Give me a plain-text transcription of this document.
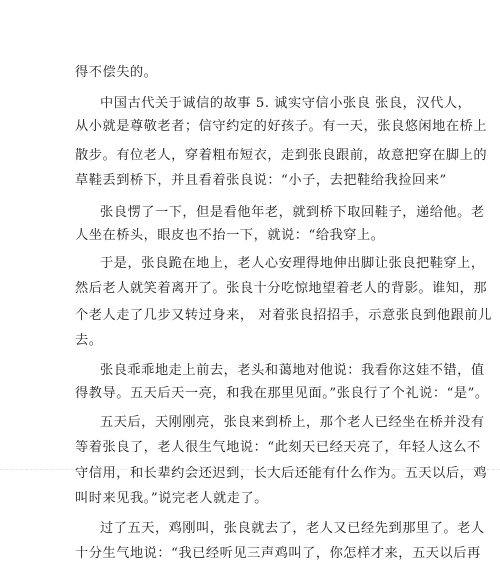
得不偿失的。
中国古代关于诚信的故事 5. 诚实守信小张良 张良，汉代人，
从小就是尊敬老者；信守约定的好孩子。有一天，张良悠闲地在桥上
散步。有位老人，穿着粗布短衣，走到张良跟前，故意把穿在脚上的
草鞋丢到桥下，并且看着张良说：“小子，去把鞋给我捡回来”
张良愣了一下，但是看他年老，就到桥下取回鞋子，递给他。老
人坐在桥头，眼皮也不抬一下，就说：“给我穿上。
于是，张良跪在地上，老人心安理得地伸出脚让张良把鞋穿上，
然后老人就笑着离开了。张良十分吃惊地望着老人的背影。谁知，那
个老人走了几步又转过身来， 对着张良招招手，示意张良到他跟前儿
去。
张良乖乖地走上前去，老头和蔼地对他说：我看你这娃不错，值
得教导。五天后天一亮，和我在那里见面。”张良行了个礼说：“是”。
五天后，天刚刚亮，张良来到桥上，那个老人已经坐在桥并没有
等着张良了，老人很生气地说：“此刻天已经天亮了，年轻人这么不
守信用，和长辈约会还迟到，长大后还能有什么作为。五天以后，鸡
叫时来见我。”说完老人就走了。
过了五天，鸡刚叫，张良就去了，老人又已经先到那里了。老人
十分生气地说：“我已经听见三声鸡叫了，你怎样才来，五天以后再
